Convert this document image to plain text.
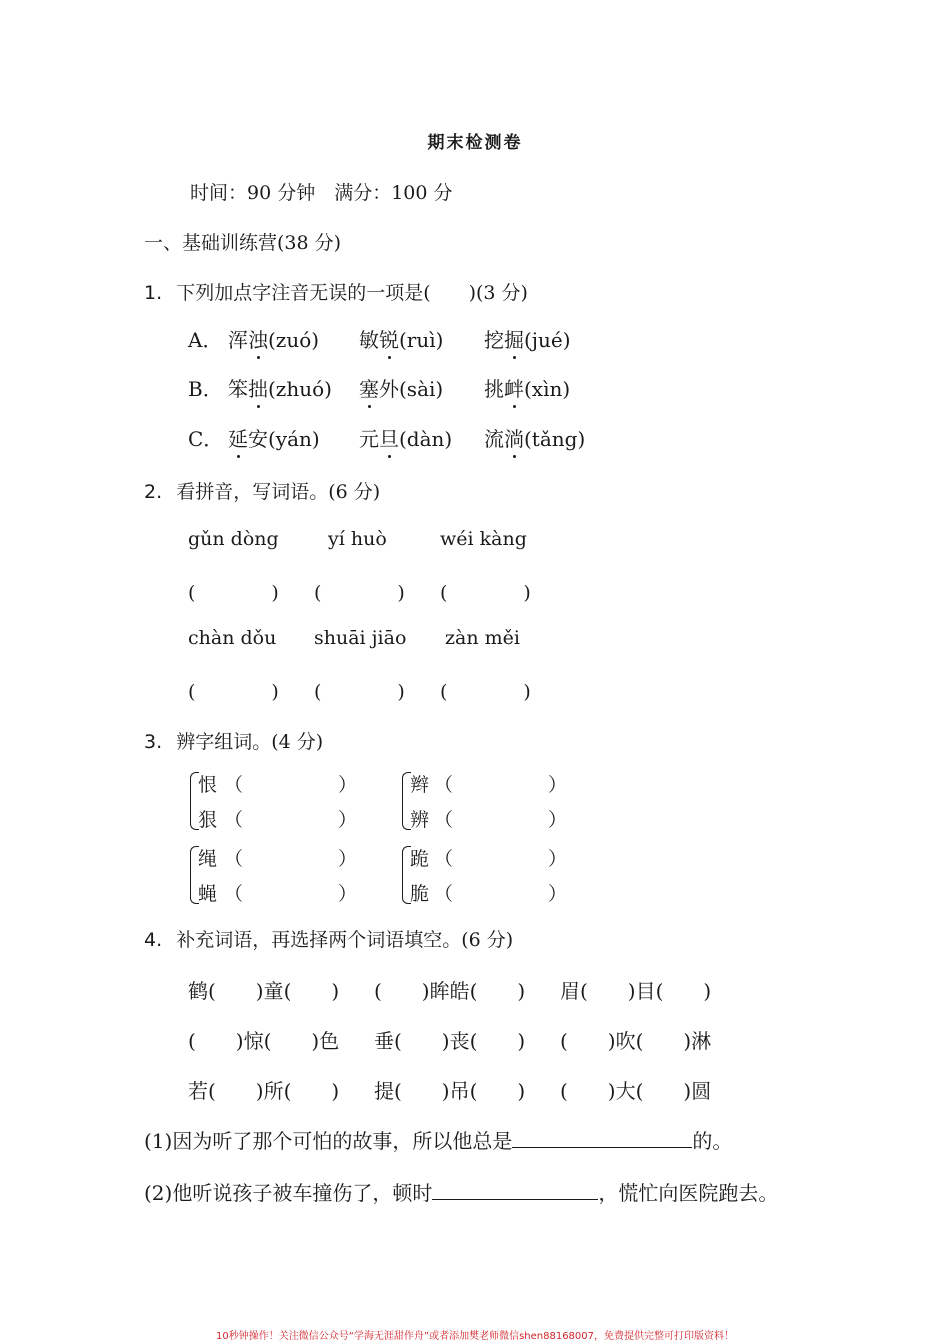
期末检测卷
时间：90 分钟　满分：100 分
一、基础训练营(38 分)
1. 下列加点字注音无误的一项是(　　)(3 分)
A． 浑浊(zuó) 敏锐(ruì) 挖掘(jué)
B． 笨拙(zhuó) 塞外(sài) 挑衅(xìn)
C． 延安(yán) 元旦(dàn) 流淌(tǎng)
2. 看拼音，写词语。(6 分)
gǔn dòng	yí huò	wéi kàng
(　　　　) (　　　　) (　　　　)
chàn dǒu shuāi jiāo zàn měi
(　　　　) (　　　　) (　　　　)
3. 辨字组词。(4 分)
恨 （　　　　　）
狠 （　　　　　）
辫 （　　　　　）
辨 （　　　　　）
绳 （　　　　　）
蝇 （　　　　　）
跪 （　　　　　）
脆 （　　　　　）
4. 补充词语，再选择两个词语填空。(6 分)
鹤(　　)童(　　) (　　)眸皓(　　) 眉(　　)目(　　)
(　　)惊(　　)色 垂(　　)丧(　　) (　　)吹(　　)淋
若(　　)所(　　) 提(　　)吊(　　) (　　)大(　　)圆
(1)因为听了那个可怕的故事，所以他总是	的。
(2)他听说孩子被车撞伤了，顿时	，慌忙向医院跑去。
10秒钟操作！关注微信公众号“学海无涯甜作舟”或者添加樊老师微信shen88168007，免费提供完整可打印版资料！
